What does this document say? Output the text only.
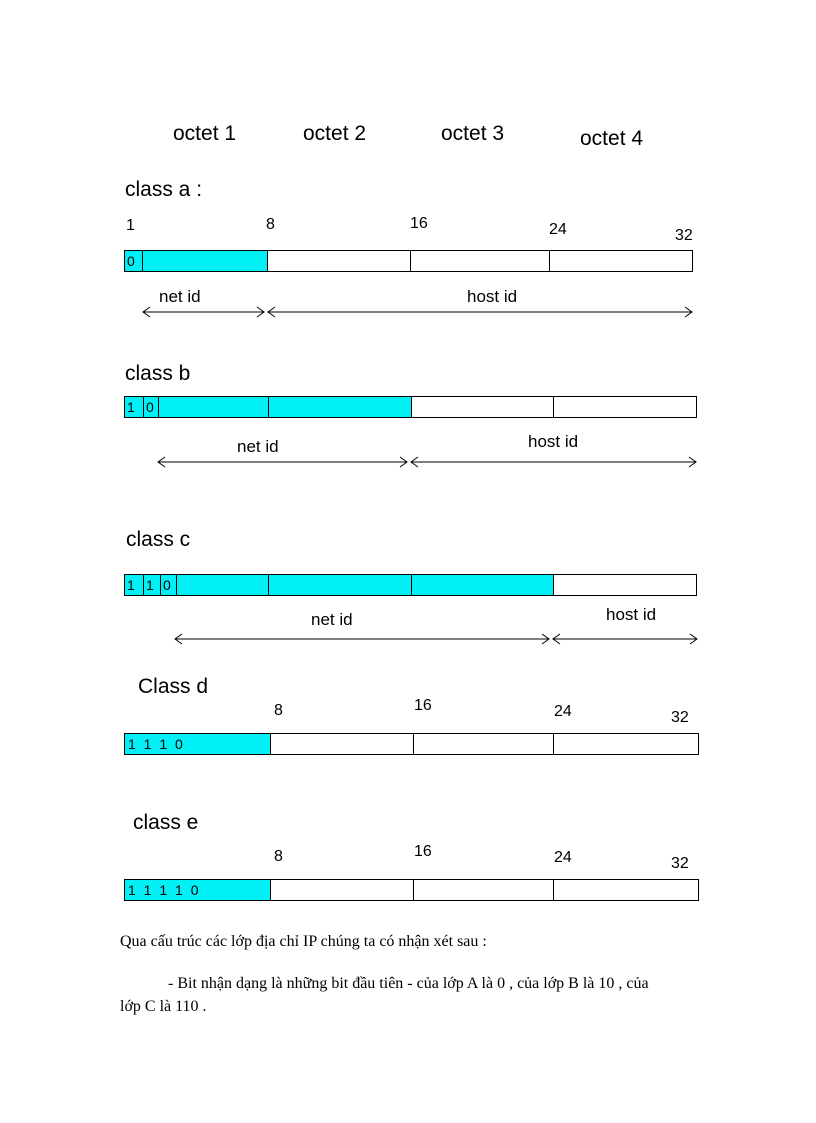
octet 1	octet 2	octet 3	octet 4
class a :
1	8	16	24	32
0
net id	host id
class b
1 0
net id	host id
class c
1 1 0
net id	host id
Class d
8	16	24	32
1 1 1 0
class e
8	16	24	32
1 1 1 1 0
Qua cấu trúc các lớp địa chỉ IP chúng ta có nhận xét sau :
- Bit nhận dạng là những bit đầu tiên - của lớp A là 0 , của lớp B là 10 , của
lớp C là 110 .
